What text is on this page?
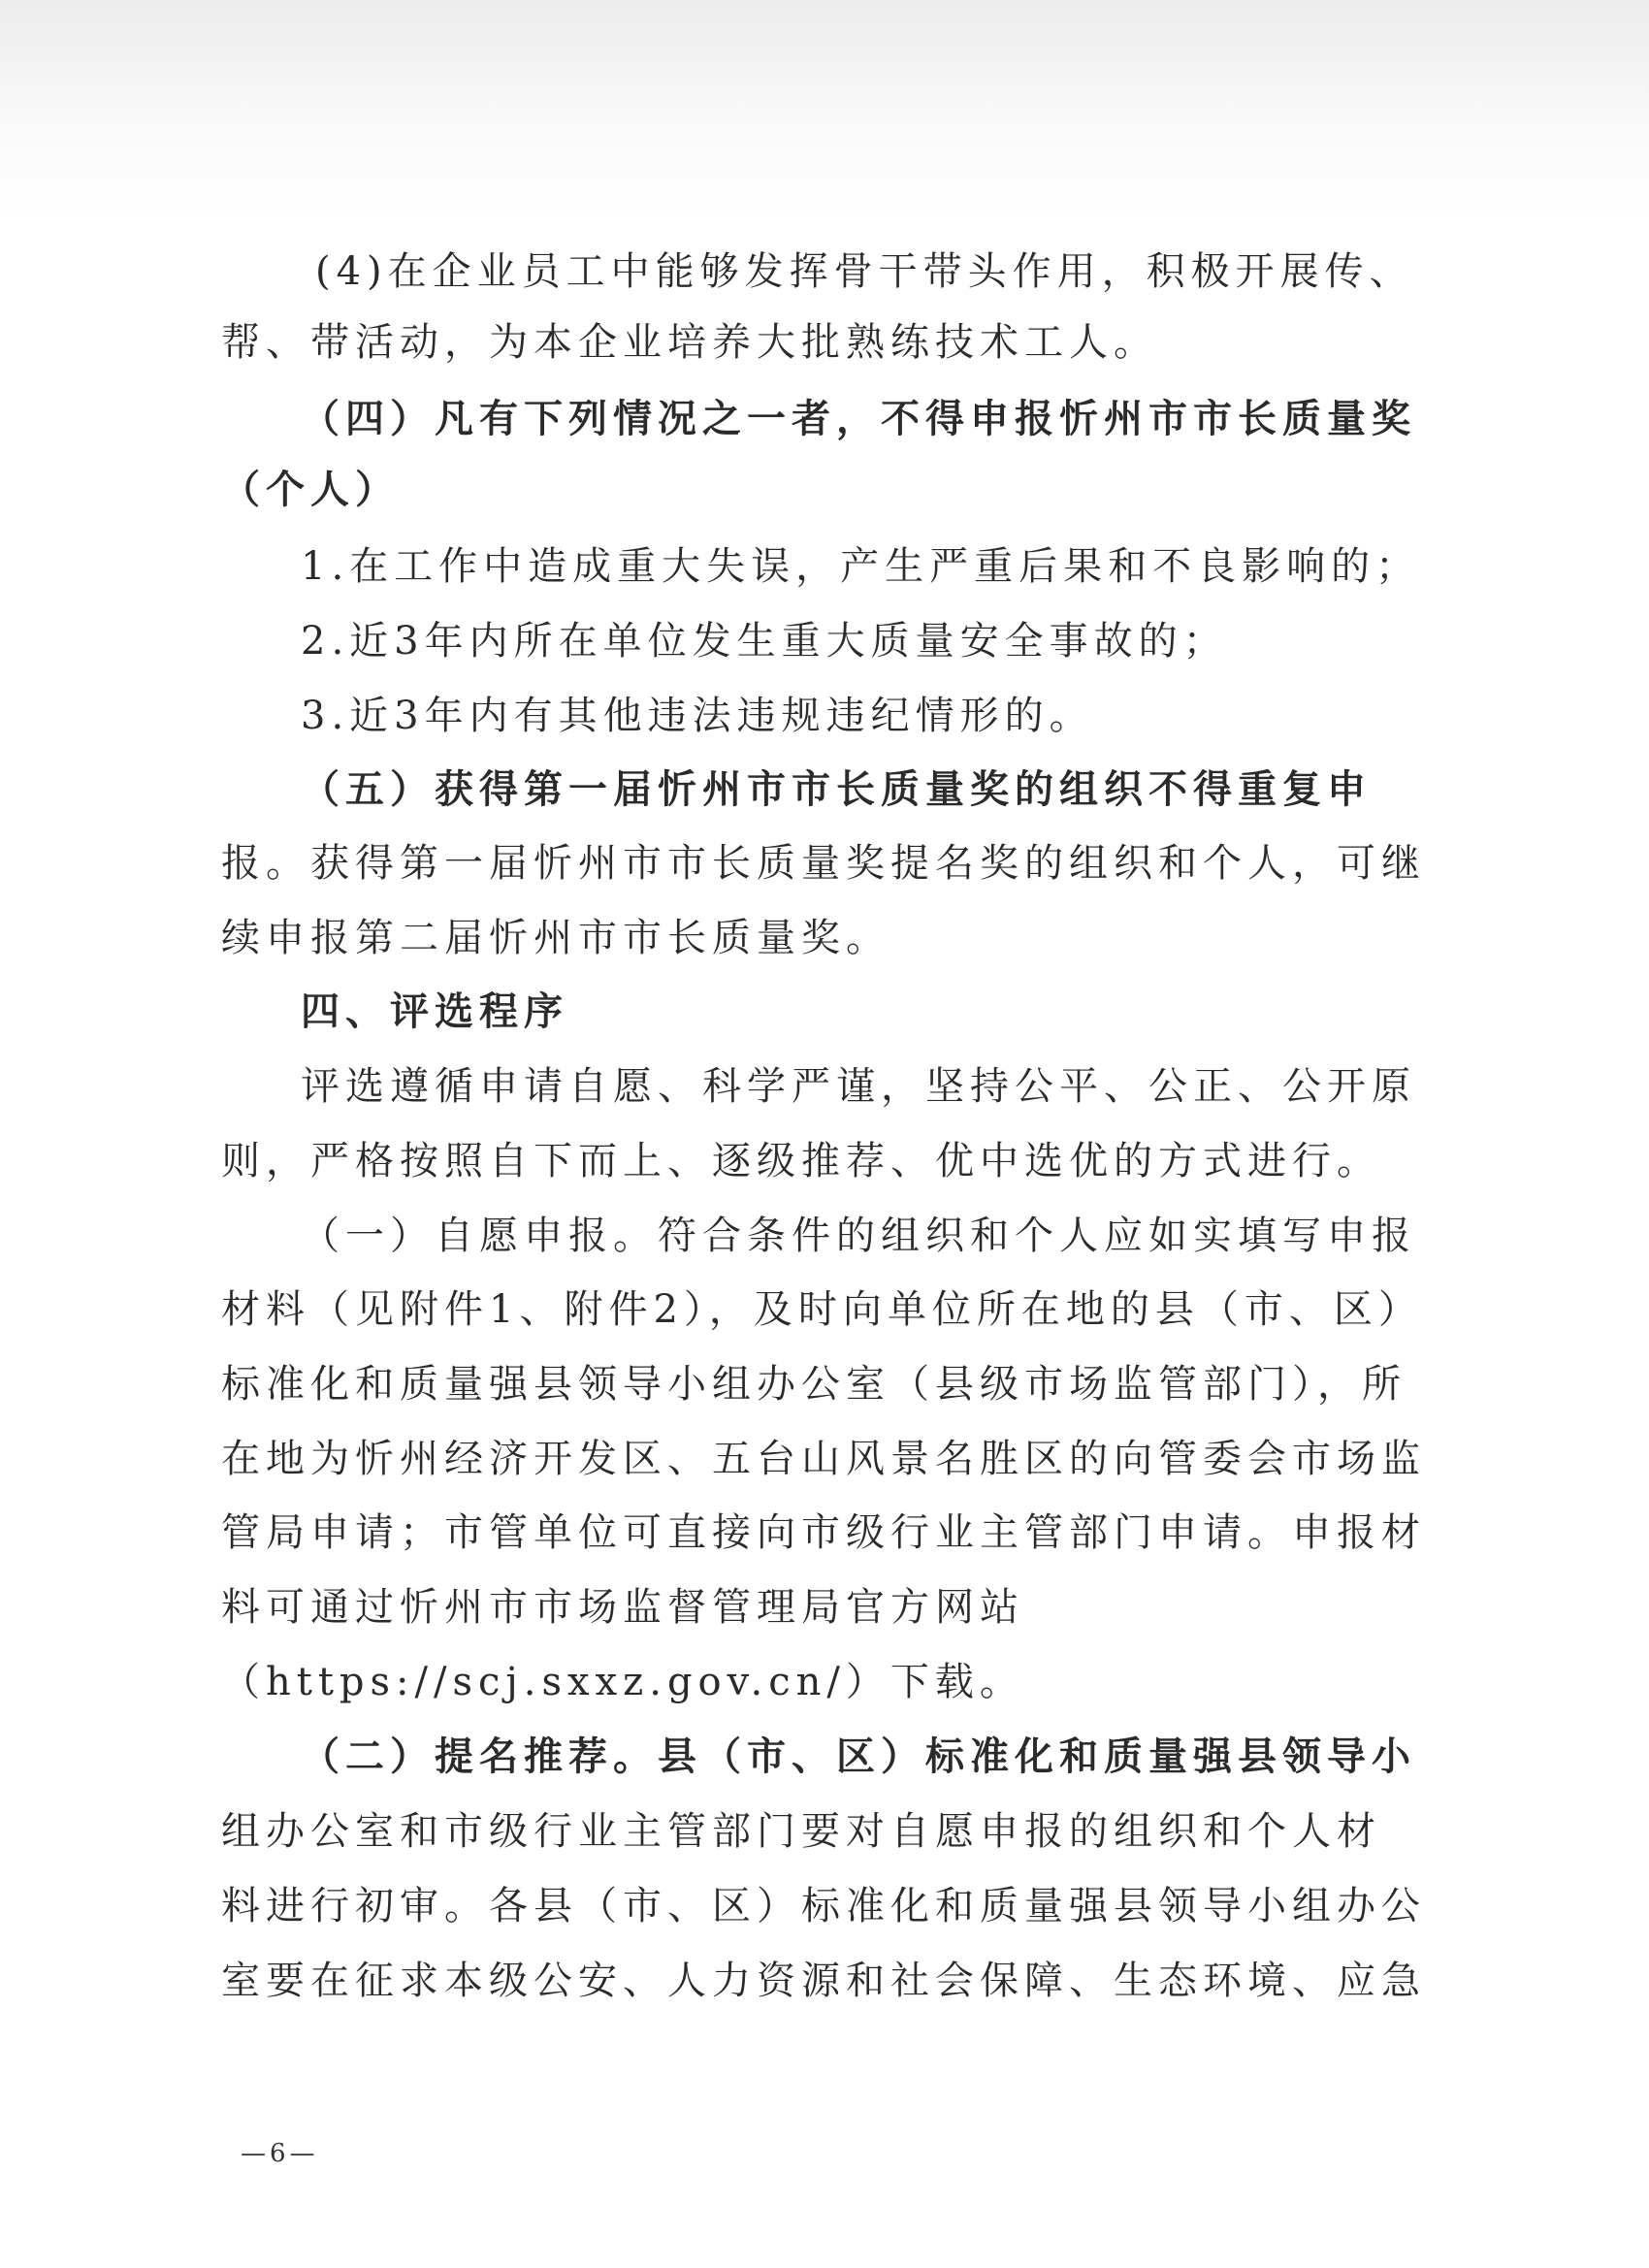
(4)在企业员工中能够发挥骨干带头作用，积极开展传、
帮、带活动，为本企业培养大批熟练技术工人。
（四）凡有下列情况之一者，不得申报忻州市市长质量奖
（个人）
1.在工作中造成重大失误，产生严重后果和不良影响的；
2.近3年内所在单位发生重大质量安全事故的；
3.近3年内有其他违法违规违纪情形的。
（五）获得第一届忻州市市长质量奖的组织不得重复申
报。获得第一届忻州市市长质量奖提名奖的组织和个人，可继
续申报第二届忻州市市长质量奖。
四、评选程序
评选遵循申请自愿、科学严谨，坚持公平、公正、公开原
则，严格按照自下而上、逐级推荐、优中选优的方式进行。
（一）自愿申报。符合条件的组织和个人应如实填写申报
材料（见附件1、附件2），及时向单位所在地的县（市、区）
标准化和质量强县领导小组办公室（县级市场监管部门），所
在地为忻州经济开发区、五台山风景名胜区的向管委会市场监
管局申请；市管单位可直接向市级行业主管部门申请。申报材
料可通过忻州市市场监督管理局官方网站
（https://scj.sxxz.gov.cn/）下载。
（二）提名推荐。县（市、区）标准化和质量强县领导小
组办公室和市级行业主管部门要对自愿申报的组织和个人材
料进行初审。各县（市、区）标准化和质量强县领导小组办公
室要在征求本级公安、人力资源和社会保障、生态环境、应急
—6—
